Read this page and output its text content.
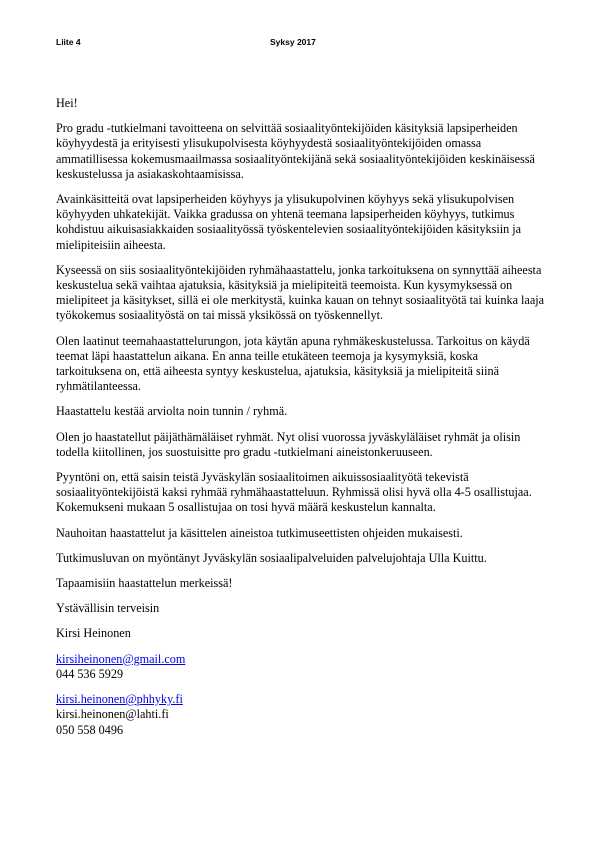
Liite 4	Syksy 2017

Hei!

Pro gradu -tutkielmani tavoitteena on selvittää sosiaalityöntekijöiden käsityksiä lapsiperheiden
köyhyydestä ja erityisesti ylisukupolvisesta köyhyydestä sosiaalityöntekijöiden omassa
ammatillisessa kokemusmaailmassa sosiaalityöntekijänä sekä sosiaalityöntekijöiden keskinäisessä
keskustelussa ja asiakaskohtaamisissa.

Avainkäsitteitä ovat lapsiperheiden köyhyys ja ylisukupolvinen köyhyys sekä ylisukupolvisen
köyhyyden uhkatekijät. Vaikka gradussa on yhtenä teemana lapsiperheiden köyhyys, tutkimus
kohdistuu aikuisasiakkaiden sosiaalityössä työskentelevien sosiaalityöntekijöiden käsityksiin ja
mielipiteisiin aiheesta.

Kyseessä on siis sosiaalityöntekijöiden ryhmähaastattelu, jonka tarkoituksena on synnyttää aiheesta
keskustelua sekä vaihtaa ajatuksia, käsityksiä ja mielipiteitä teemoista. Kun kysymyksessä on
mielipiteet ja käsitykset, sillä ei ole merkitystä, kuinka kauan on tehnyt sosiaalityötä tai kuinka laaja
työkokemus sosiaalityöstä on tai missä yksikössä on työskennellyt.

Olen laatinut teemahaastattelurungon, jota käytän apuna ryhmäkeskustelussa. Tarkoitus on käydä
teemat läpi haastattelun aikana. En anna teille etukäteen teemoja ja kysymyksiä, koska
tarkoituksena on, että aiheesta syntyy keskustelua, ajatuksia, käsityksiä ja mielipiteitä siinä
ryhmätilanteessa.

Haastattelu kestää arviolta noin tunnin / ryhmä.

Olen jo haastatellut päijäthämäläiset ryhmät. Nyt olisi vuorossa jyväskyläläiset ryhmät ja olisin
todella kiitollinen, jos suostuisitte pro gradu -tutkielmani aineistonkeruuseen.

Pyyntöni on, että saisin teistä Jyväskylän sosiaalitoimen aikuissosiaalityötä tekevistä
sosiaalityöntekijöistä kaksi ryhmää ryhmähaastatteluun. Ryhmissä olisi hyvä olla 4-5 osallistujaa.
Kokemukseni mukaan 5 osallistujaa on tosi hyvä määrä keskustelun kannalta.

Nauhoitan haastattelut ja käsittelen aineistoa tutkimuseettisten ohjeiden mukaisesti.

Tutkimusluvan on myöntänyt Jyväskylän sosiaalipalveluiden palvelujohtaja Ulla Kuittu.

Tapaamisiin haastattelun merkeissä!

Ystävällisin terveisin

Kirsi Heinonen

kirsiheinonen@gmail.com
044 536 5929
kirsi.heinonen@phhyky.fi
kirsi.heinonen@lahti.fi
050 558 0496
